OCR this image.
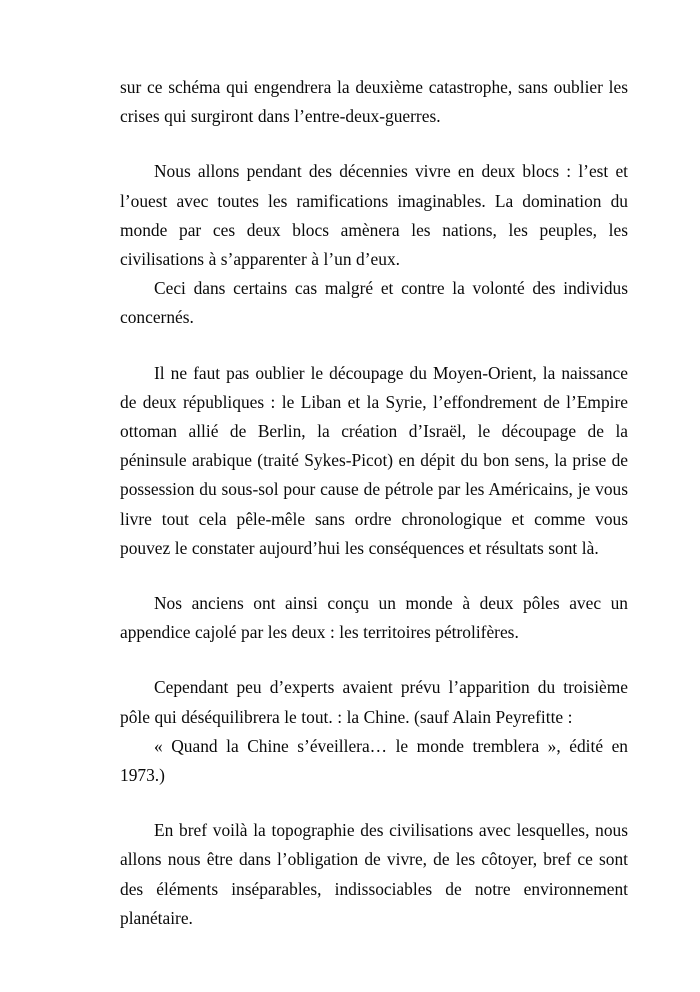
sur ce schéma qui engendrera la deuxième catastrophe, sans oublier les crises qui surgiront dans l’entre-deux-guerres.

Nous allons pendant des décennies vivre en deux blocs : l’est et l’ouest avec toutes les ramifications imaginables. La domination du monde par ces deux blocs amènera les nations, les peuples, les civilisations à s’apparenter à l’un d’eux.

Ceci dans certains cas malgré et contre la volonté des individus concernés.

Il ne faut pas oublier le découpage du Moyen-Orient, la naissance de deux républiques : le Liban et la Syrie, l’effondrement de l’Empire ottoman allié de Berlin, la création d’Israël, le découpage de la péninsule arabique (traité Sykes-Picot) en dépit du bon sens, la prise de possession du sous-sol pour cause de pétrole par les Américains, je vous livre tout cela pêle-mêle sans ordre chronologique et comme vous pouvez le constater aujourd’hui les conséquences et résultats sont là.

Nos anciens ont ainsi conçu un monde à deux pôles avec un appendice cajolé par les deux : les territoires pétrolifères.

Cependant peu d’experts avaient prévu l’apparition du troisième pôle qui déséquilibrera le tout. : la Chine. (sauf Alain Peyrefitte :

« Quand la Chine s’éveillera… le monde tremblera », édité en 1973.)

En bref voilà la topographie des civilisations avec lesquelles, nous allons nous être dans l’obligation de vivre, de les côtoyer, bref ce sont des éléments inséparables, indissociables de notre environnement planétaire.
